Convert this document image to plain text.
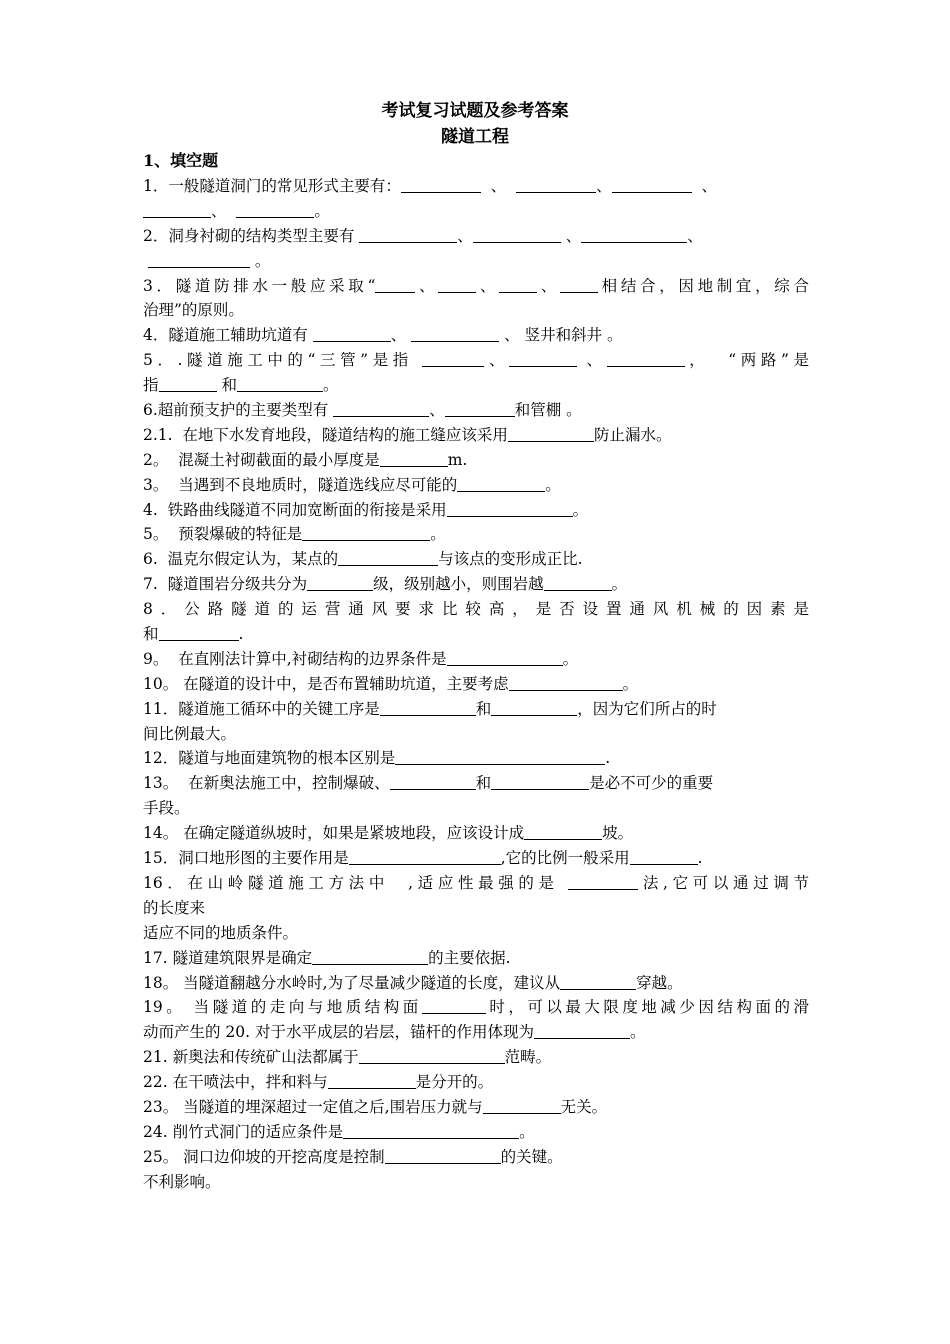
考试复习试题及参考答案
隧道工程
1、填空题
1．一般隧道洞门的常见形式主要有：	、	、	、
、	。
2．洞身衬砌的结构类型主要有	、	、	、
。
3．隧道防排水一般应采取“	、 、 、 相结合，因地制宜，综合
治理”的原则。
4．隧道施工辅助坑道有	、	、 竖井和斜井 。
5．.隧道施工中的“三管”是指	、	、	，  “两路”是
指	和	。
6.超前预支护的主要类型有	、	和管棚 。
2.1.  在地下水发育地段，隧道结构的施工缝应该采用	防止漏水。
2。  混凝土衬砌截面的最小厚度是	m.
3。  当遇到不良地质时，隧道选线应尽可能的	。
4.  铁路曲线隧道不同加宽断面的衔接是采用	。
5。  预裂爆破的特征是	。
6.  温克尔假定认为，某点的	与该点的变形成正比.
7.  隧道围岩分级共分为	级，级别越小，则围岩越	。
8．公路隧道的运营通风要求比较高，是否设置通风机械的因素是
和	.
9。  在直刚法计算中,衬砌结构的边界条件是	。
10。 在隧道的设计中，是否布置辅助坑道，主要考虑	。
11．隧道施工循环中的关键工序是	和	，因为它们所占的时
间比例最大。
12．隧道与地面建筑物的根本区别是	.
13。  在新奥法施工中，控制爆破、	和	是必不可少的重要
手段。
14。 在确定隧道纵坡时，如果是紧坡地段，应该设计成	坡。
15．洞口地形图的主要作用是	,它的比例一般采用	.
16．在山岭隧道施工方法中  ,适应性最强的是	法,它可以通过调节
的长度来
适应不同的地质条件。
17. 隧道建筑限界是确定	的主要依据.
18。 当隧道翻越分水岭时,为了尽量减少隧道的长度，建议从	穿越。
19。 当隧道的走向与地质结构面	时，可以最大限度地减少因结构面的滑
动而产生的 20. 对于水平成层的岩层，锚杆的作用体现为	。
21. 新奥法和传统矿山法都属于	范畴。
22. 在干喷法中，拌和料与	是分开的。
23。 当隧道的埋深超过一定值之后,围岩压力就与	无关。
24. 削竹式洞门的适应条件是	。
25。 洞口边仰坡的开挖高度是控制	的关键。
不利影响。
